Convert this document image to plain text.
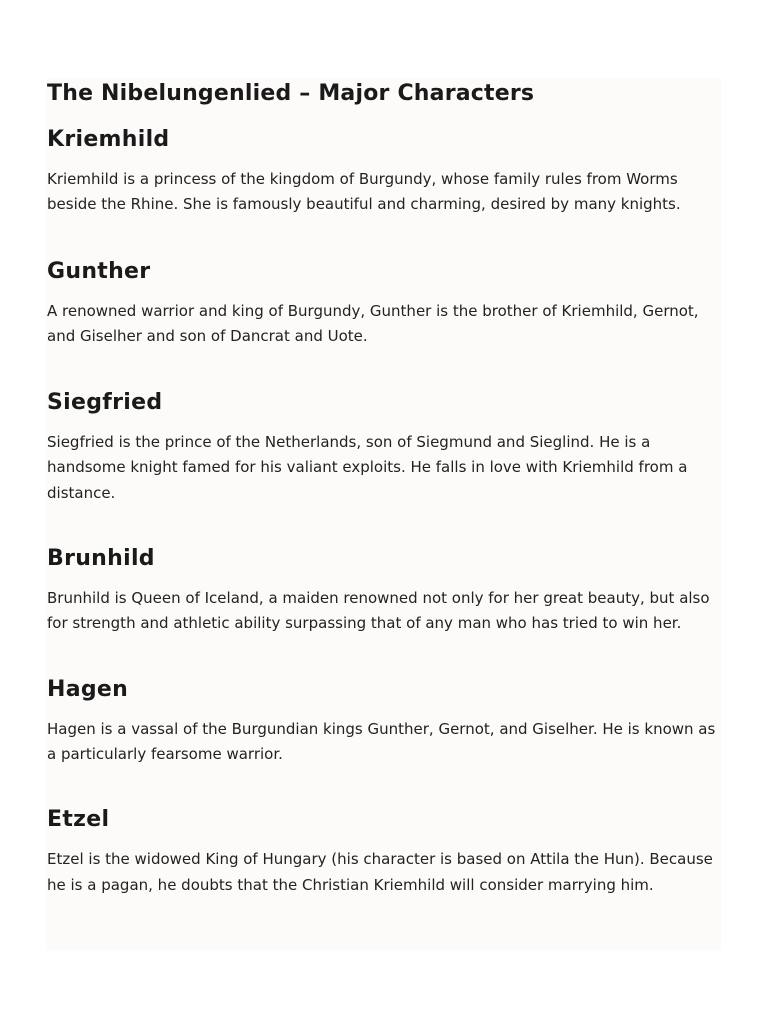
The Nibelungenlied – Major Characters
Kriemhild

Kriemhild is a princess of the kingdom of Burgundy, whose family rules from Worms beside the Rhine. She is famously beautiful and charming, desired by many knights.

Gunther

A renowned warrior and king of Burgundy, Gunther is the brother of Kriemhild, Gernot, and Giselher and son of Dancrat and Uote.

Siegfried

Siegfried is the prince of the Netherlands, son of Siegmund and Sieglind. He is a handsome knight famed for his valiant exploits. He falls in love with Kriemhild from a distance.

Brunhild

Brunhild is Queen of Iceland, a maiden renowned not only for her great beauty, but also for strength and athletic ability surpassing that of any man who has tried to win her.

Hagen

Hagen is a vassal of the Burgundian kings Gunther, Gernot, and Giselher. He is known as a particularly fearsome warrior.

Etzel

Etzel is the widowed King of Hungary (his character is based on Attila the Hun). Because he is a pagan, he doubts that the Christian Kriemhild will consider marrying him.
